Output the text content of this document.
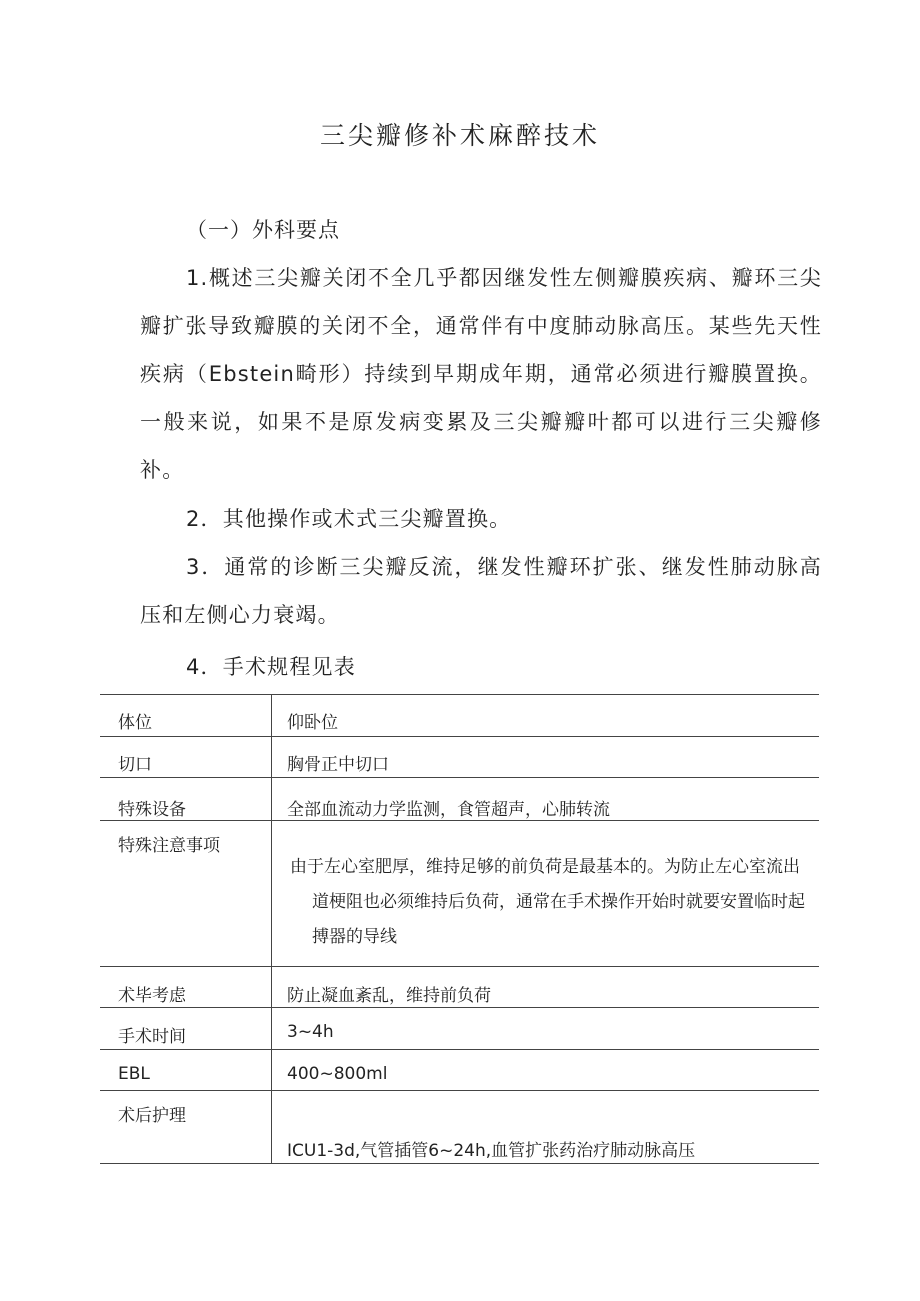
三尖瓣修补术麻醉技术
（一）外科要点

1.概述三尖瓣关闭不全几乎都因继发性左侧瓣膜疾病、瓣环三尖瓣扩张导致瓣膜的关闭不全，通常伴有中度肺动脉高压。某些先天性疾病（Ebstein畸形）持续到早期成年期，通常必须进行瓣膜置换。一般来说，如果不是原发病变累及三尖瓣瓣叶都可以进行三尖瓣修补。

2．其他操作或术式三尖瓣置换。

3．通常的诊断三尖瓣反流，继发性瓣环扩张、继发性肺动脉高压和左侧心力衰竭。

4．手术规程见表

体位	仰卧位

切口	胸骨正中切口

特殊设备	全部血流动力学监测，食管超声，心肺转流

特殊注意事项	由于左心室肥厚，维持足够的前负荷是最基本的。为防止左心室流出道梗阻也必须维持后负荷，通常在手术操作开始时就要安置临时起搏器的导线

术毕考虑	防止凝血紊乱，维持前负荷

手术时间	3~4h

EBL	400~800ml

术后护理	ICU1-3d,气管插管6~24h,血管扩张药治疗肺动脉高压
